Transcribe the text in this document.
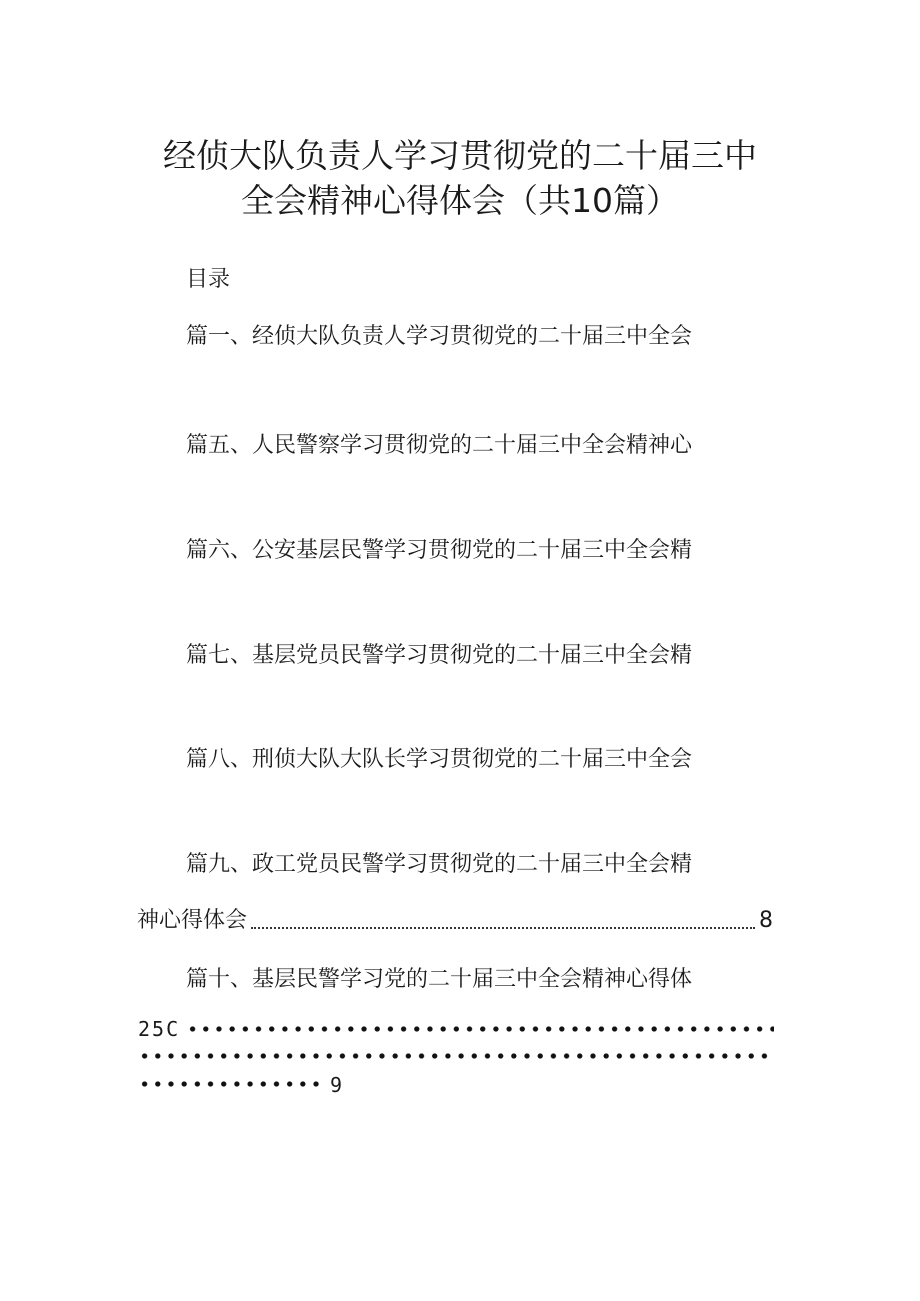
经侦大队负责人学习贯彻党的二十届三中
全会精神心得体会（共10篇）
目录
篇一、经侦大队负责人学习贯彻党的二十届三中全会
篇五、人民警察学习贯彻党的二十届三中全会精神心
篇六、公安基层民警学习贯彻党的二十届三中全会精
篇七、基层党员民警学习贯彻党的二十届三中全会精
篇八、刑侦大队大队长学习贯彻党的二十届三中全会
篇九、政工党员民警学习贯彻党的二十届三中全会精
神心得体会	8
篇十、基层民警学习党的二十届三中全会精神心得体
25C
9
